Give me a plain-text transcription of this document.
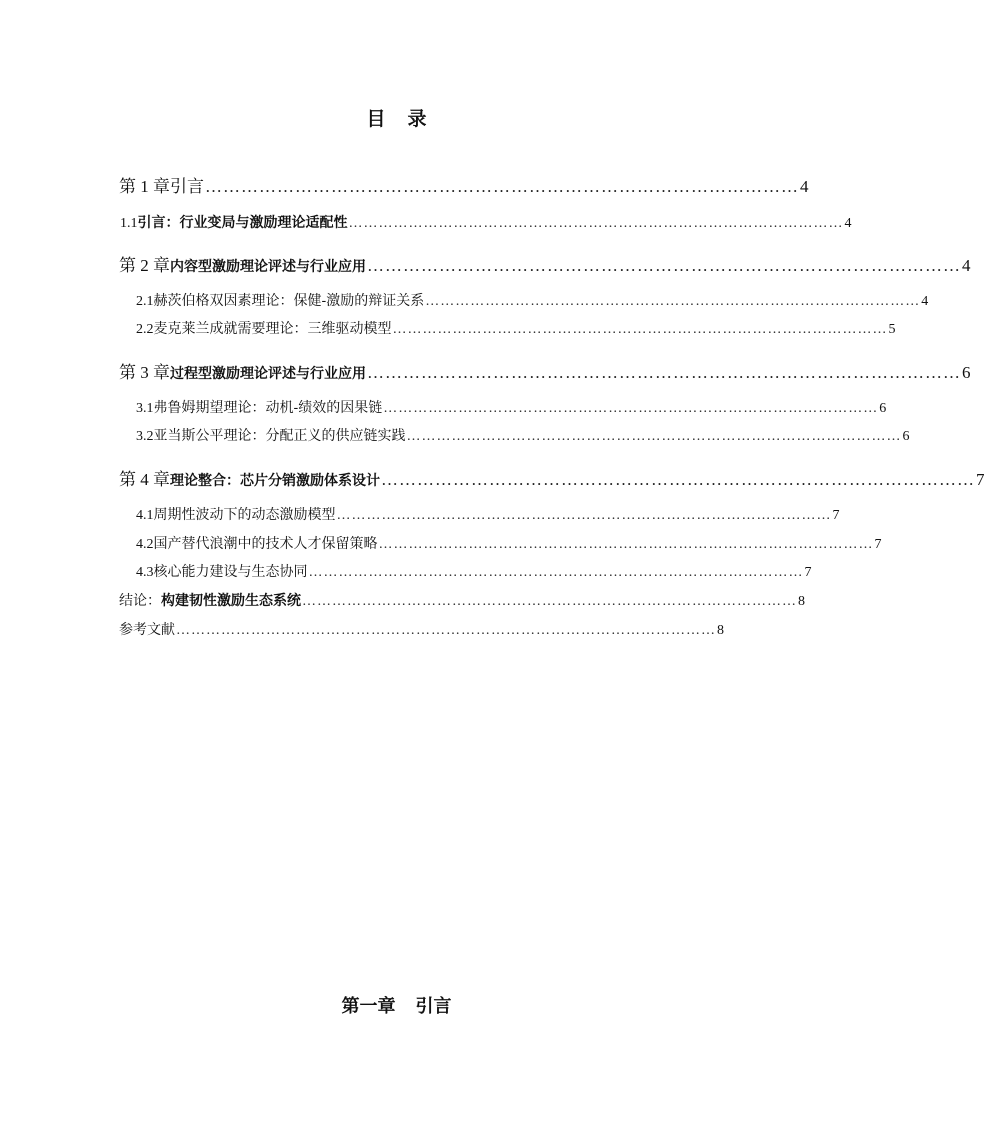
目 录
第 1 章 引言 ……………………………………………………………………………………… 4
1.1 引言：行业变局与激励理论适配性 ……………………………………………………………………………………… 4
第 2 章 内容型激励理论评述与行业应用 ……………………………………………………………………………………… 4
2.1 赫茨伯格双因素理论：保健-激励的辩证关系 ……………………………………………………………………………………… 4
2.2 麦克莱兰成就需要理论：三维驱动模型 ……………………………………………………………………………………… 5
第 3 章 过程型激励理论评述与行业应用 ……………………………………………………………………………………… 6
3.1 弗鲁姆期望理论：动机-绩效的因果链 ……………………………………………………………………………………… 6
3.2 亚当斯公平理论：分配正义的供应链实践 ……………………………………………………………………………………… 6
第 4 章 理论整合：芯片分销激励体系设计 ……………………………………………………………………………………… 7
4.1 周期性波动下的动态激励模型 ……………………………………………………………………………………… 7
4.2 国产替代浪潮中的技术人才保留策略 ……………………………………………………………………………………… 7
4.3 核心能力建设与生态协同 ……………………………………………………………………………………… 7
结论： 构建韧性激励生态系统 ……………………………………………………………………………………… 8
参考文献 ……………………………………………………………………………………………… 8
第一章 引言
